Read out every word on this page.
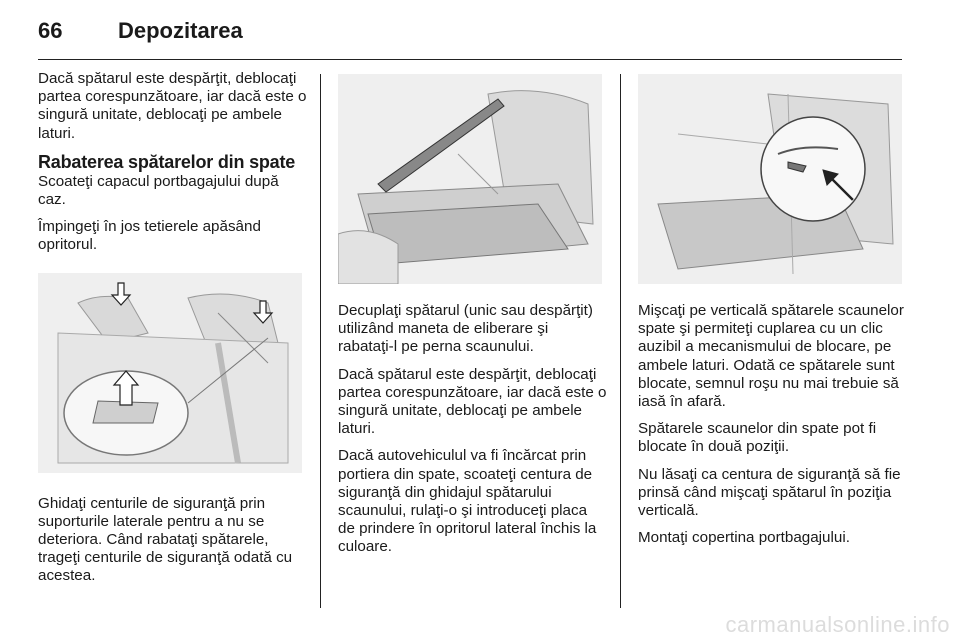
66	Depozitarea

Dacă spătarul este despărţit, deblocaţi partea corespunzătoare, iar dacă este o singură unitate, deblocaţi pe ambele laturi.

Rabaterea spătarelor din spate

Scoateţi capacul portbagajului după caz.

Împingeţi în jos tetierele apăsând opritorul.

Ghidaţi centurile de siguranţă prin suporturile laterale pentru a nu se deteriora. Când rabataţi spătarele, trageţi centurile de siguranţă odată cu acestea.

Decuplaţi spătarul (unic sau despărţit) utilizând maneta de eliberare şi rabataţi-l pe perna scaunului.

Dacă spătarul este despărţit, deblocaţi partea corespunzătoare, iar dacă este o singură unitate, deblocaţi pe ambele laturi.

Dacă autovehiculul va fi încărcat prin portiera din spate, scoateţi centura de siguranţă din ghidajul spătarului scaunului, rulaţi-o şi introduceţi placa de prindere în opritorul lateral închis la culoare.

Mişcaţi pe verticală spătarele scaunelor spate şi permiteţi cuplarea cu un clic auzibil a mecanismului de blocare, pe ambele laturi. Odată ce spătarele sunt blocate, semnul roşu nu mai trebuie să iasă în afară.

Spătarele scaunelor din spate pot fi blocate în două poziţii.

Nu lăsaţi ca centura de siguranţă să fie prinsă când mişcaţi spătarul în poziţia verticală.

Montaţi copertina portbagajului.

carmanualsonline.info
